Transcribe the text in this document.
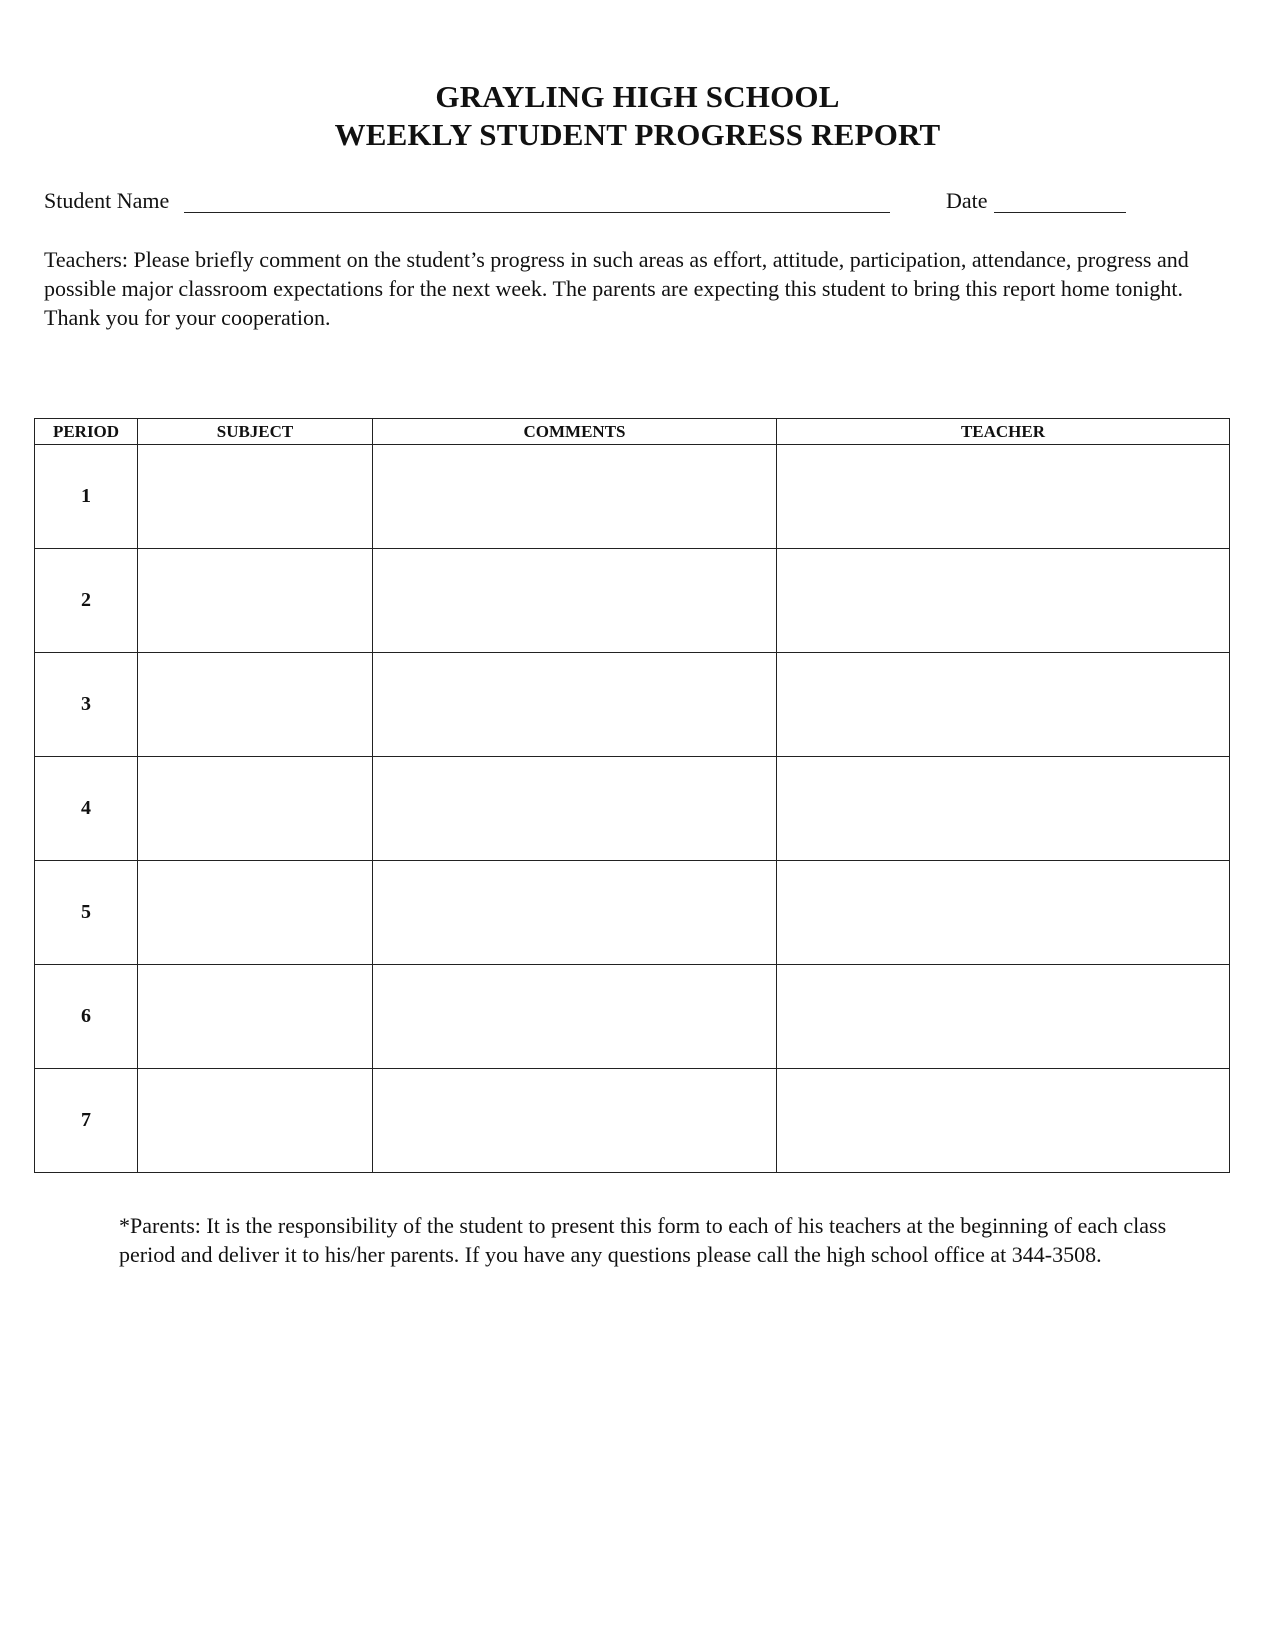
GRAYLING HIGH SCHOOL
WEEKLY STUDENT PROGRESS REPORT
Student Name	Date
Teachers: Please briefly comment on the student’s progress in such areas as effort, attitude, participation, attendance, progress and possible major classroom expectations for the next week. The parents are expecting this student to bring this report home tonight. Thank you for your cooperation.
PERIOD	SUBJECT	COMMENTS	TEACHER
1			
2			
3			
4			
5			
6			
7			
*Parents: It is the responsibility of the student to present this form to each of his teachers at the beginning of each class period and deliver it to his/her parents. If you have any questions please call the high school office at 344-3508.
